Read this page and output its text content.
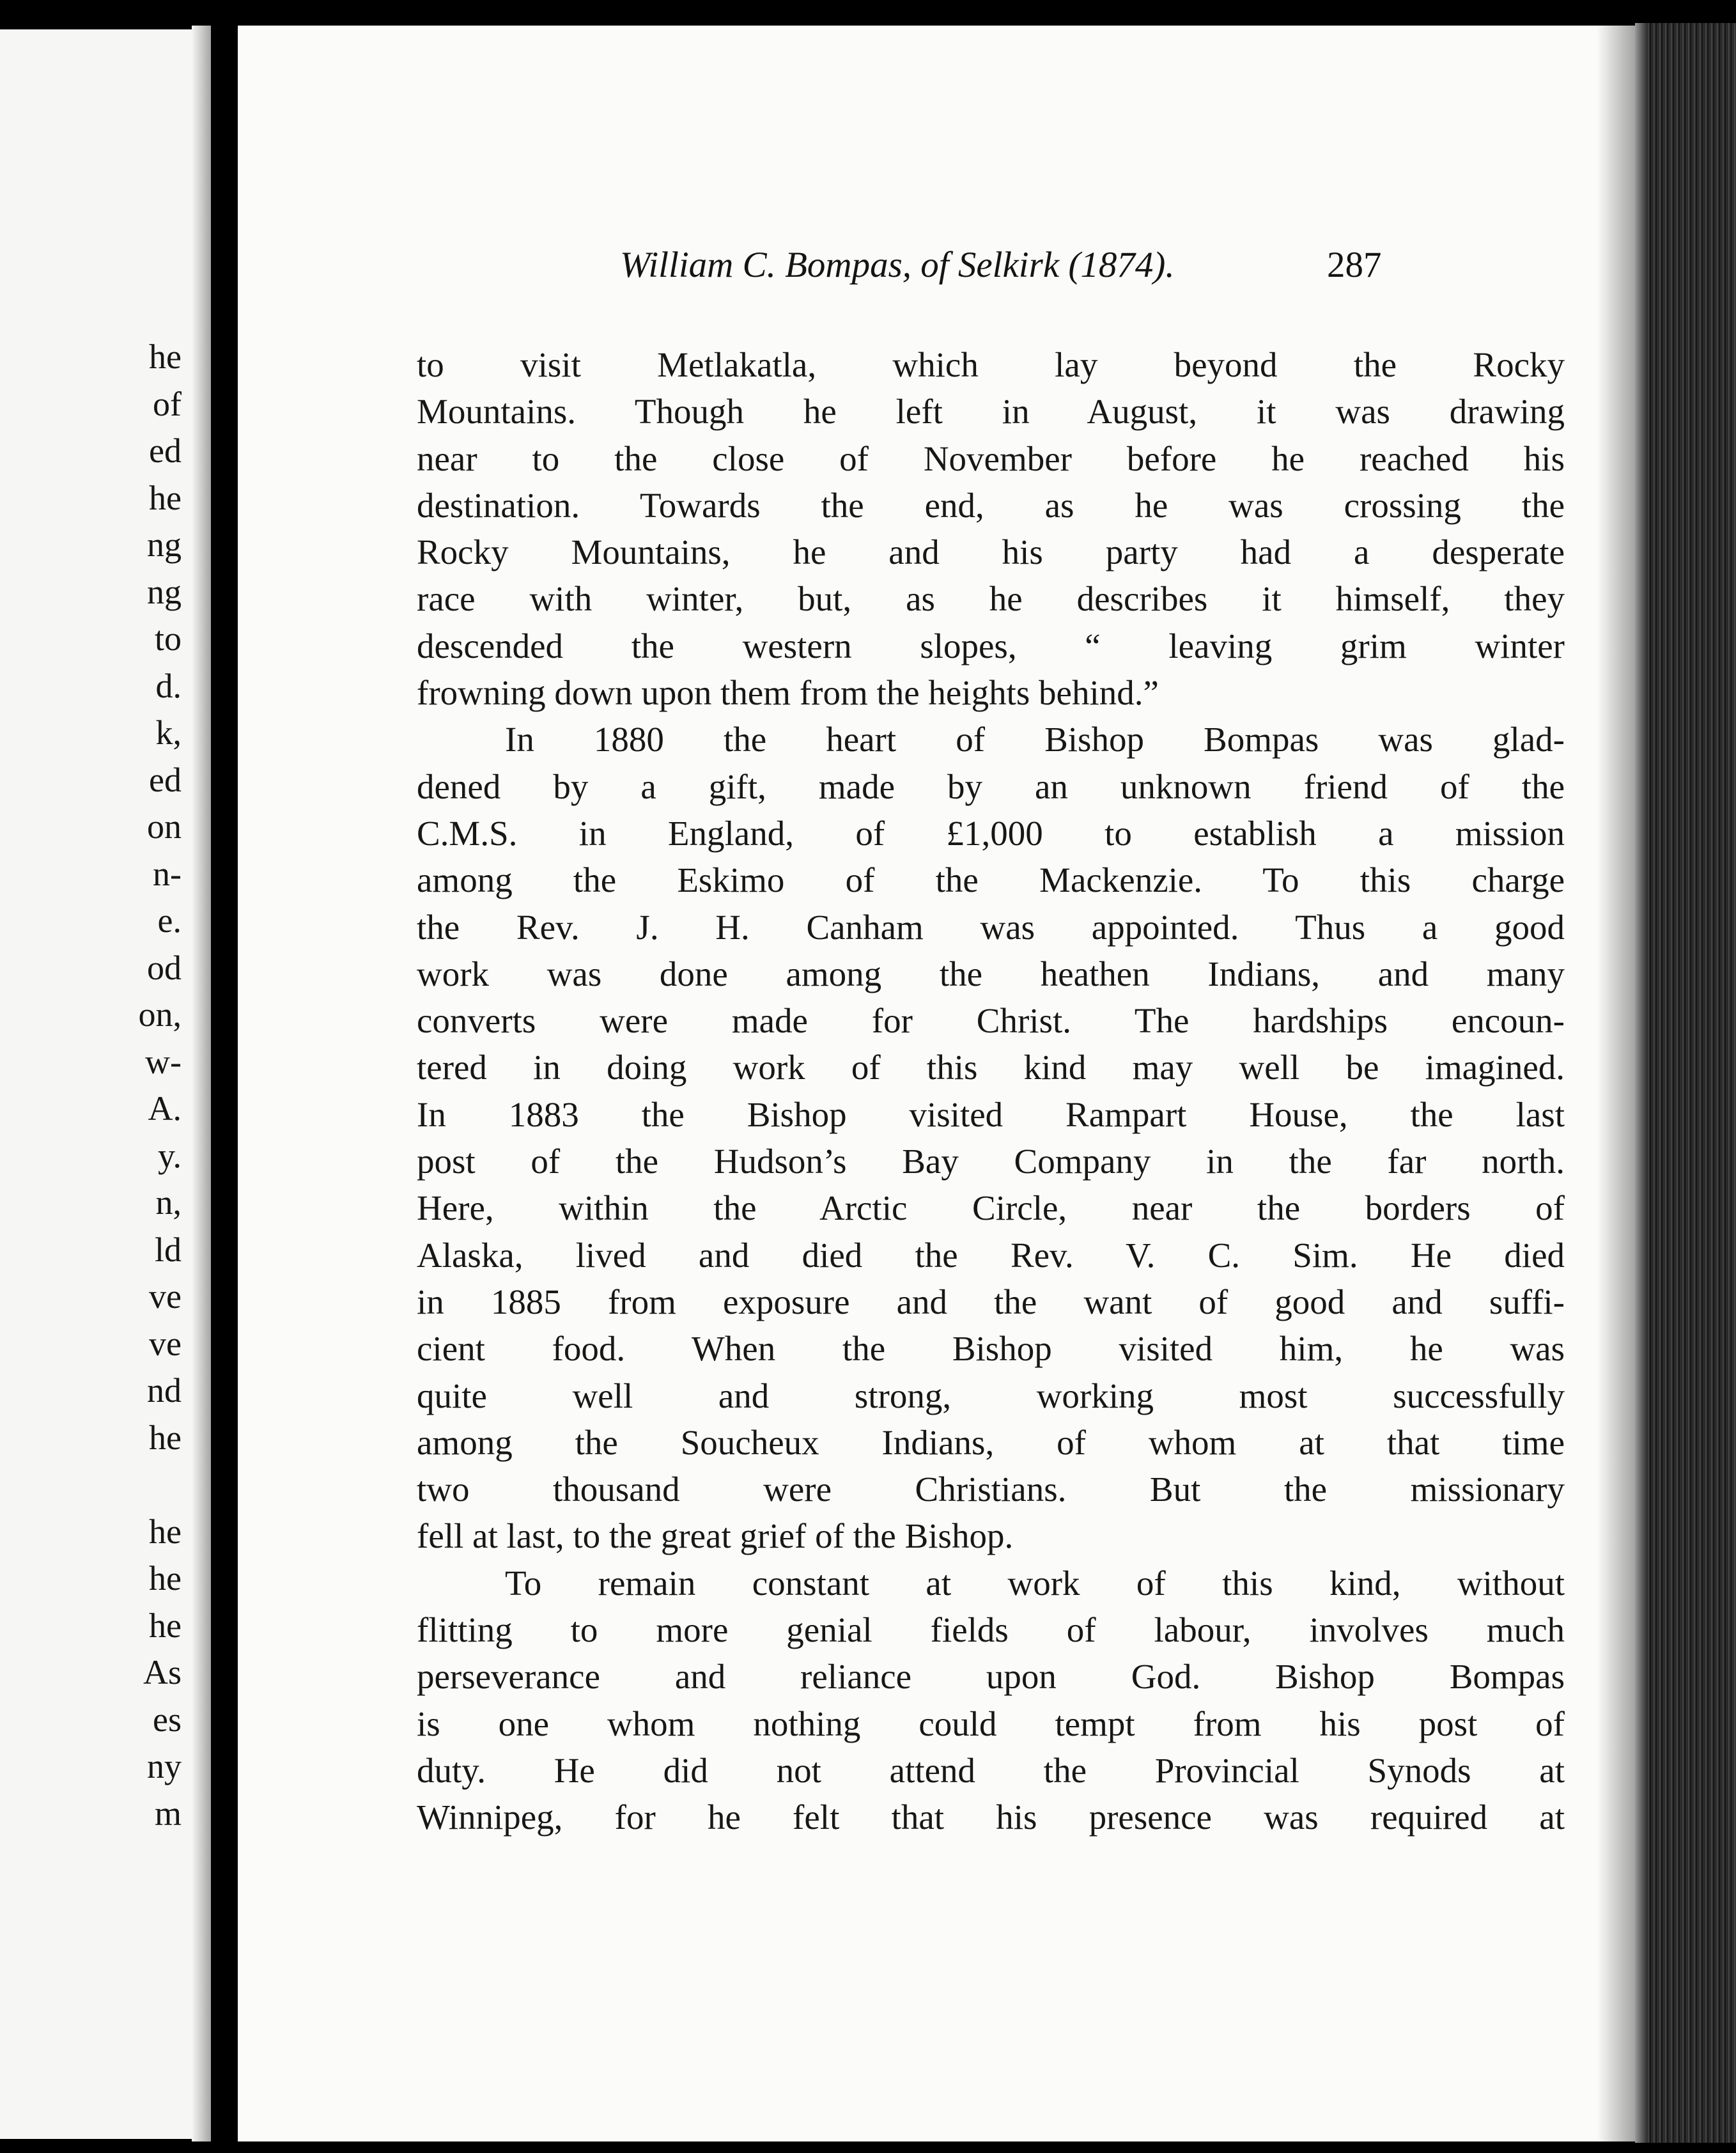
he
of
ed
he
ng
ng
to
d.
k,
ed
on
n-
e.
od
on,
w-
A.
y.
n,
ld
ve
ve
nd
he
he
he
he
As
es
ny
m
William C. Bompas, of Selkirk (1874).	287
to visit Metlakatla, which lay beyond the Rocky
Mountains. Though he left in August, it was drawing
near to the close of November before he reached his
destination. Towards the end, as he was crossing the
Rocky Mountains, he and his party had a desperate
race with winter, but, as he describes it himself, they
descended the western slopes, “ leaving grim winter
frowning down upon them from the heights behind.”
In 1880 the heart of Bishop Bompas was glad-
dened by a gift, made by an unknown friend of the
C.M.S. in England, of £1,000 to establish a mission
among the Eskimo of the Mackenzie. To this charge
the Rev. J. H. Canham was appointed. Thus a good
work was done among the heathen Indians, and many
converts were made for Christ. The hardships encoun-
tered in doing work of this kind may well be imagined.
In 1883 the Bishop visited Rampart House, the last
post of the Hudson’s Bay Company in the far north.
Here, within the Arctic Circle, near the borders of
Alaska, lived and died the Rev. V. C. Sim. He died
in 1885 from exposure and the want of good and suffi-
cient food. When the Bishop visited him, he was
quite well and strong, working most successfully
among the Soucheux Indians, of whom at that time
two thousand were Christians. But the missionary
fell at last, to the great grief of the Bishop.
To remain constant at work of this kind, without
flitting to more genial fields of labour, involves much
perseverance and reliance upon God. Bishop Bompas
is one whom nothing could tempt from his post of
duty. He did not attend the Provincial Synods at
Winnipeg, for he felt that his presence was required at
